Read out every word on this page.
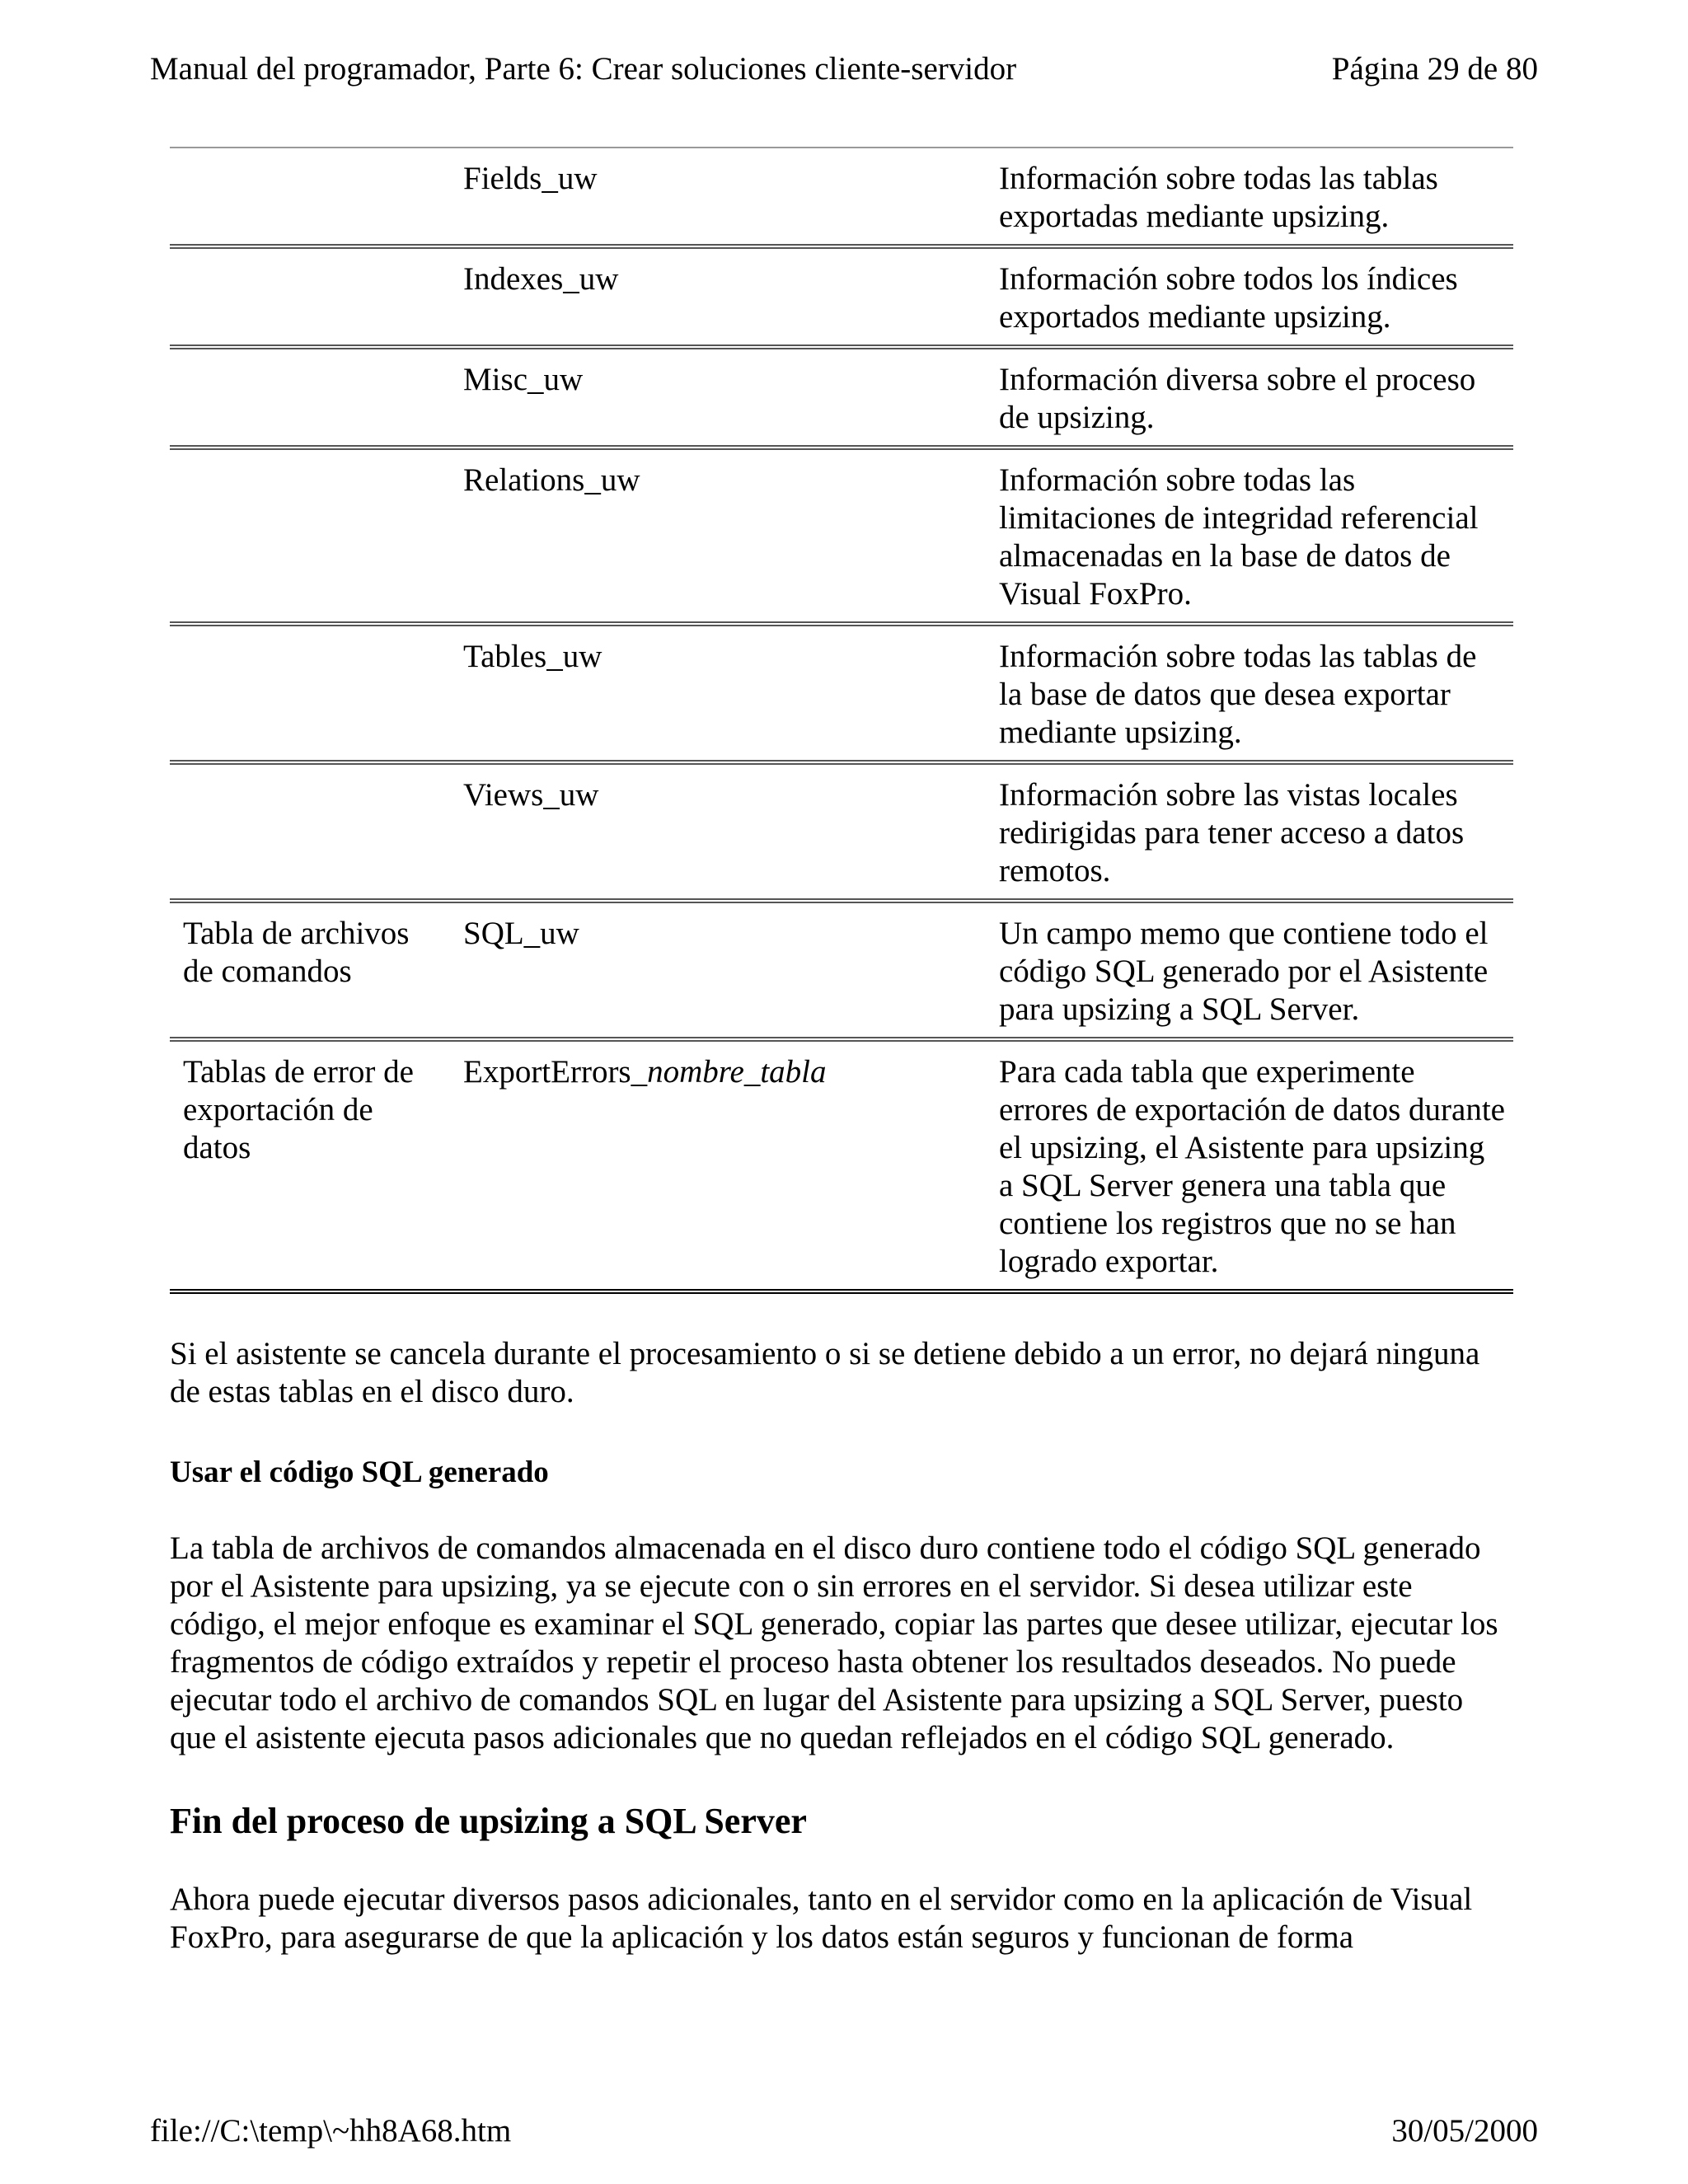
Manual del programador, Parte 6: Crear soluciones cliente-servidor	Página 29 de 80
	Fields_uw	Información sobre todas las tablas exportadas mediante upsizing.
	Indexes_uw	Información sobre todos los índices exportados mediante upsizing.
	Misc_uw	Información diversa sobre el proceso de upsizing.
	Relations_uw	Información sobre todas las limitaciones de integridad referencial almacenadas en la base de datos de Visual FoxPro.
	Tables_uw	Información sobre todas las tablas de la base de datos que desea exportar mediante upsizing.
	Views_uw	Información sobre las vistas locales redirigidas para tener acceso a datos remotos.
Tabla de archivos de comandos	SQL_uw	Un campo memo que contiene todo el código SQL generado por el Asistente para upsizing a SQL Server.
Tablas de error de exportación de datos	ExportErrors_nombre_tabla	Para cada tabla que experimente errores de exportación de datos durante el upsizing, el Asistente para upsizing a SQL Server genera una tabla que contiene los registros que no se han logrado exportar.

Si el asistente se cancela durante el procesamiento o si se detiene debido a un error, no dejará ninguna de estas tablas en el disco duro.

Usar el código SQL generado

La tabla de archivos de comandos almacenada en el disco duro contiene todo el código SQL generado por el Asistente para upsizing, ya se ejecute con o sin errores en el servidor. Si desea utilizar este código, el mejor enfoque es examinar el SQL generado, copiar las partes que desee utilizar, ejecutar los fragmentos de código extraídos y repetir el proceso hasta obtener los resultados deseados. No puede ejecutar todo el archivo de comandos SQL en lugar del Asistente para upsizing a SQL Server, puesto que el asistente ejecuta pasos adicionales que no quedan reflejados en el código SQL generado.

Fin del proceso de upsizing a SQL Server

Ahora puede ejecutar diversos pasos adicionales, tanto en el servidor como en la aplicación de Visual FoxPro, para asegurarse de que la aplicación y los datos están seguros y funcionan de forma

file://C:\temp\~hh8A68.htm	30/05/2000
